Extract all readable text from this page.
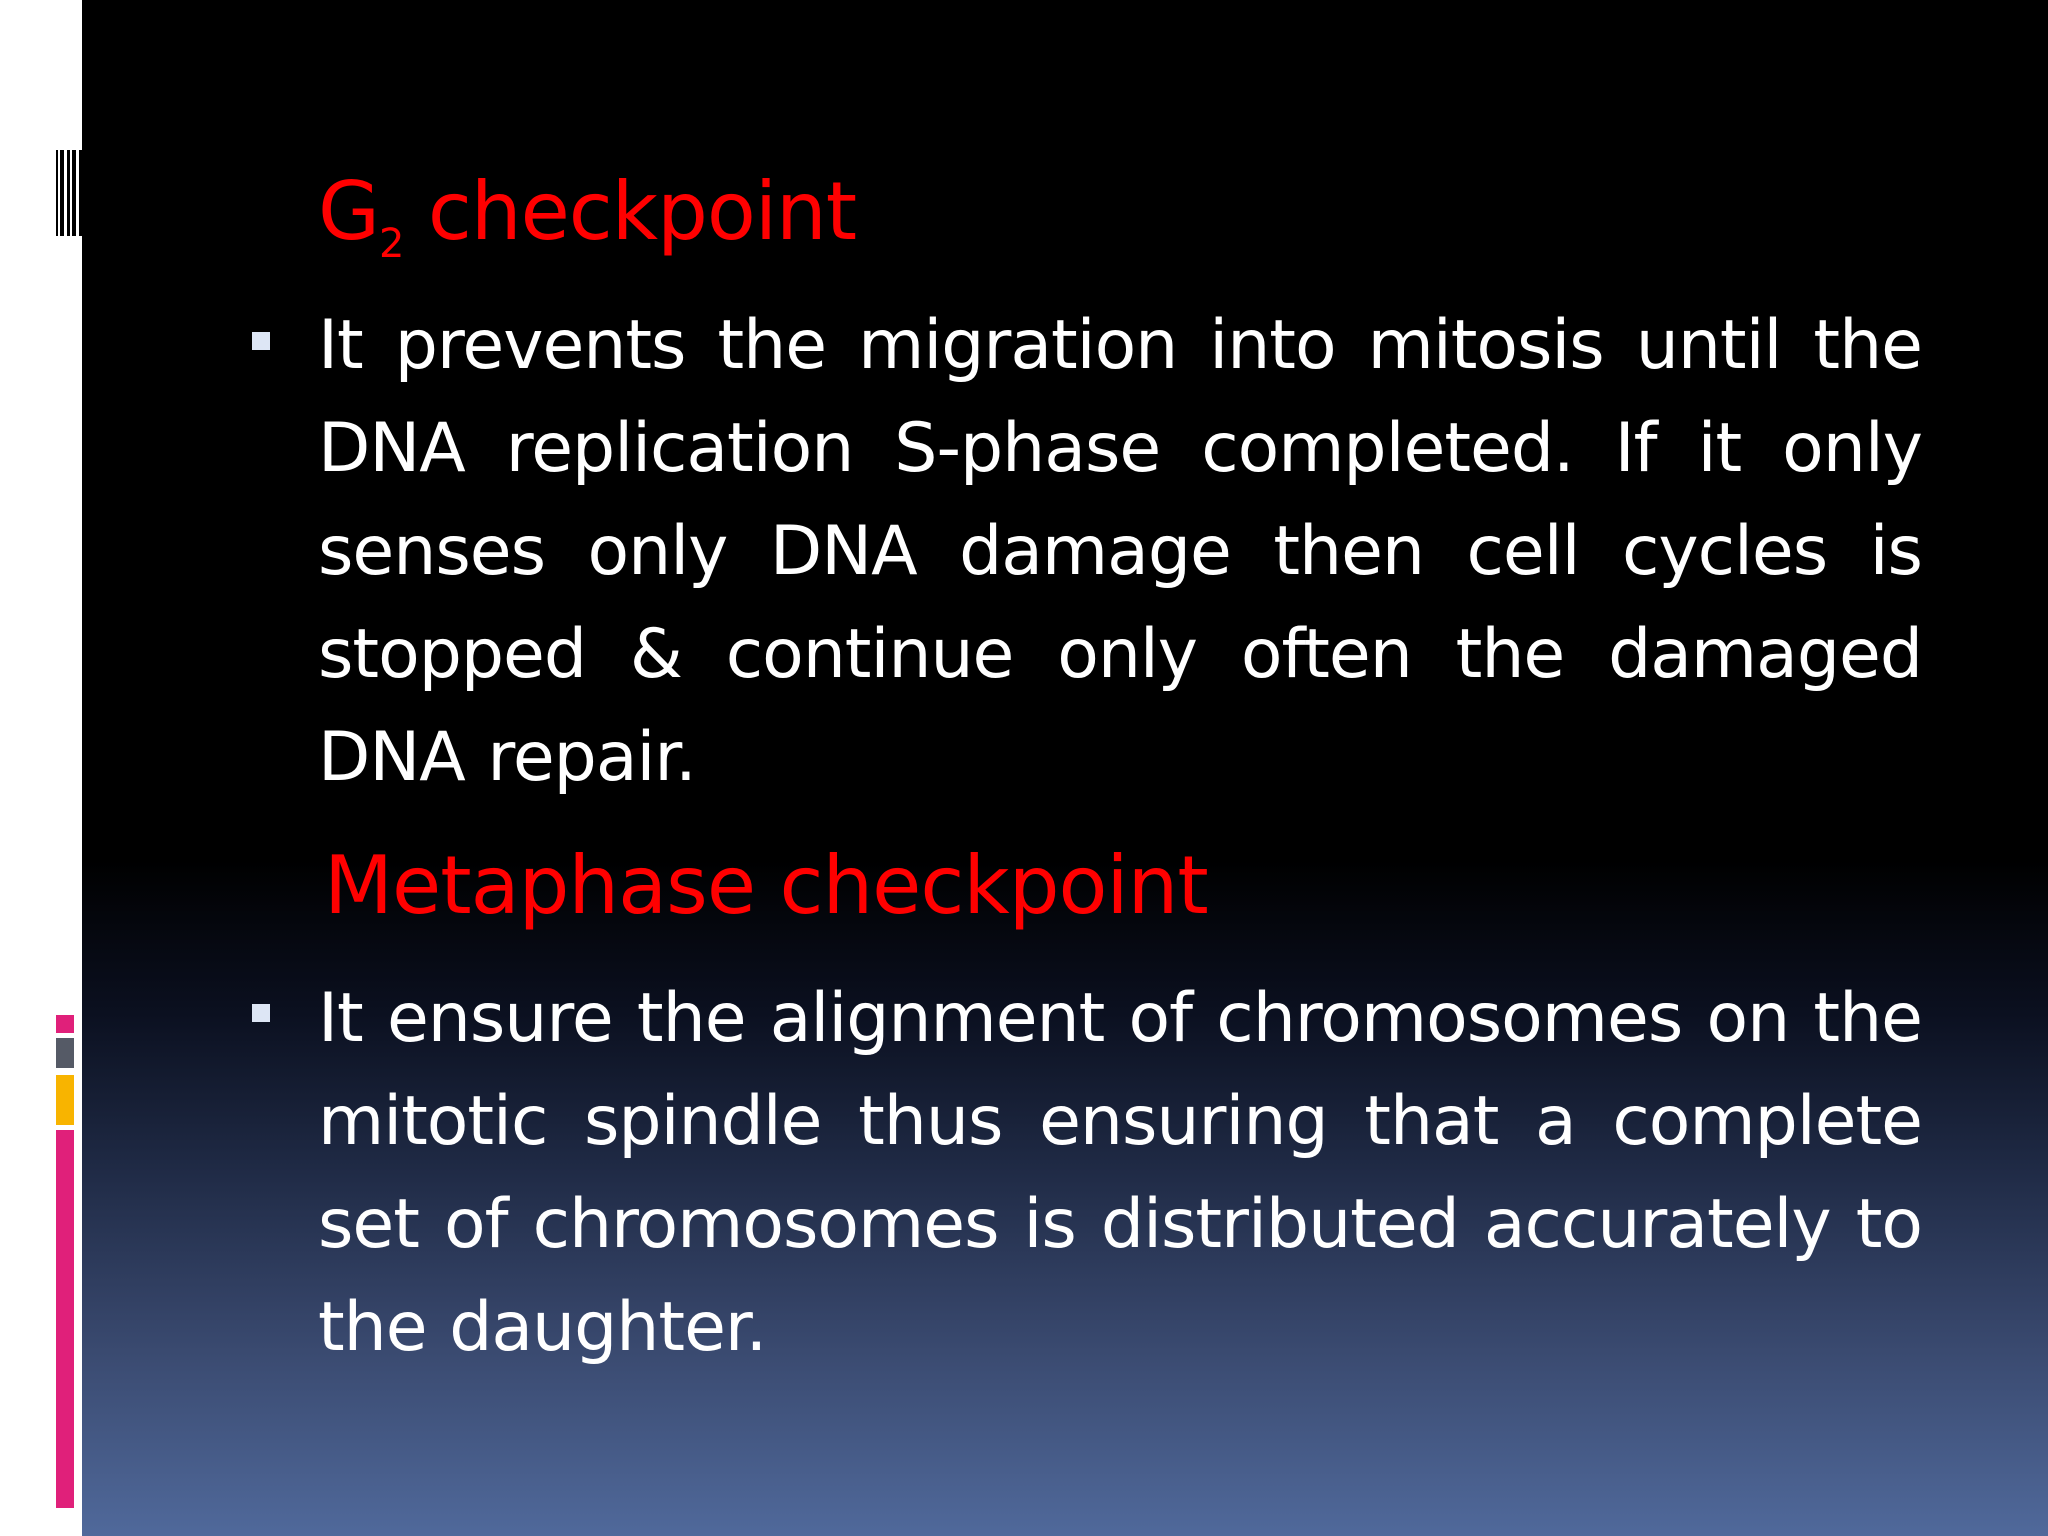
$G_2$ checkpoint
It prevents the migration into mitosis until the DNA replication S-phase completed. If it only senses only DNA damage then cell cycles is stopped & continue only often the damaged DNA repair.
Metaphase checkpoint
It ensure the alignment of chromosomes on the mitotic spindle thus ensuring that a complete set of chromosomes is distributed accurately to the daughter.
